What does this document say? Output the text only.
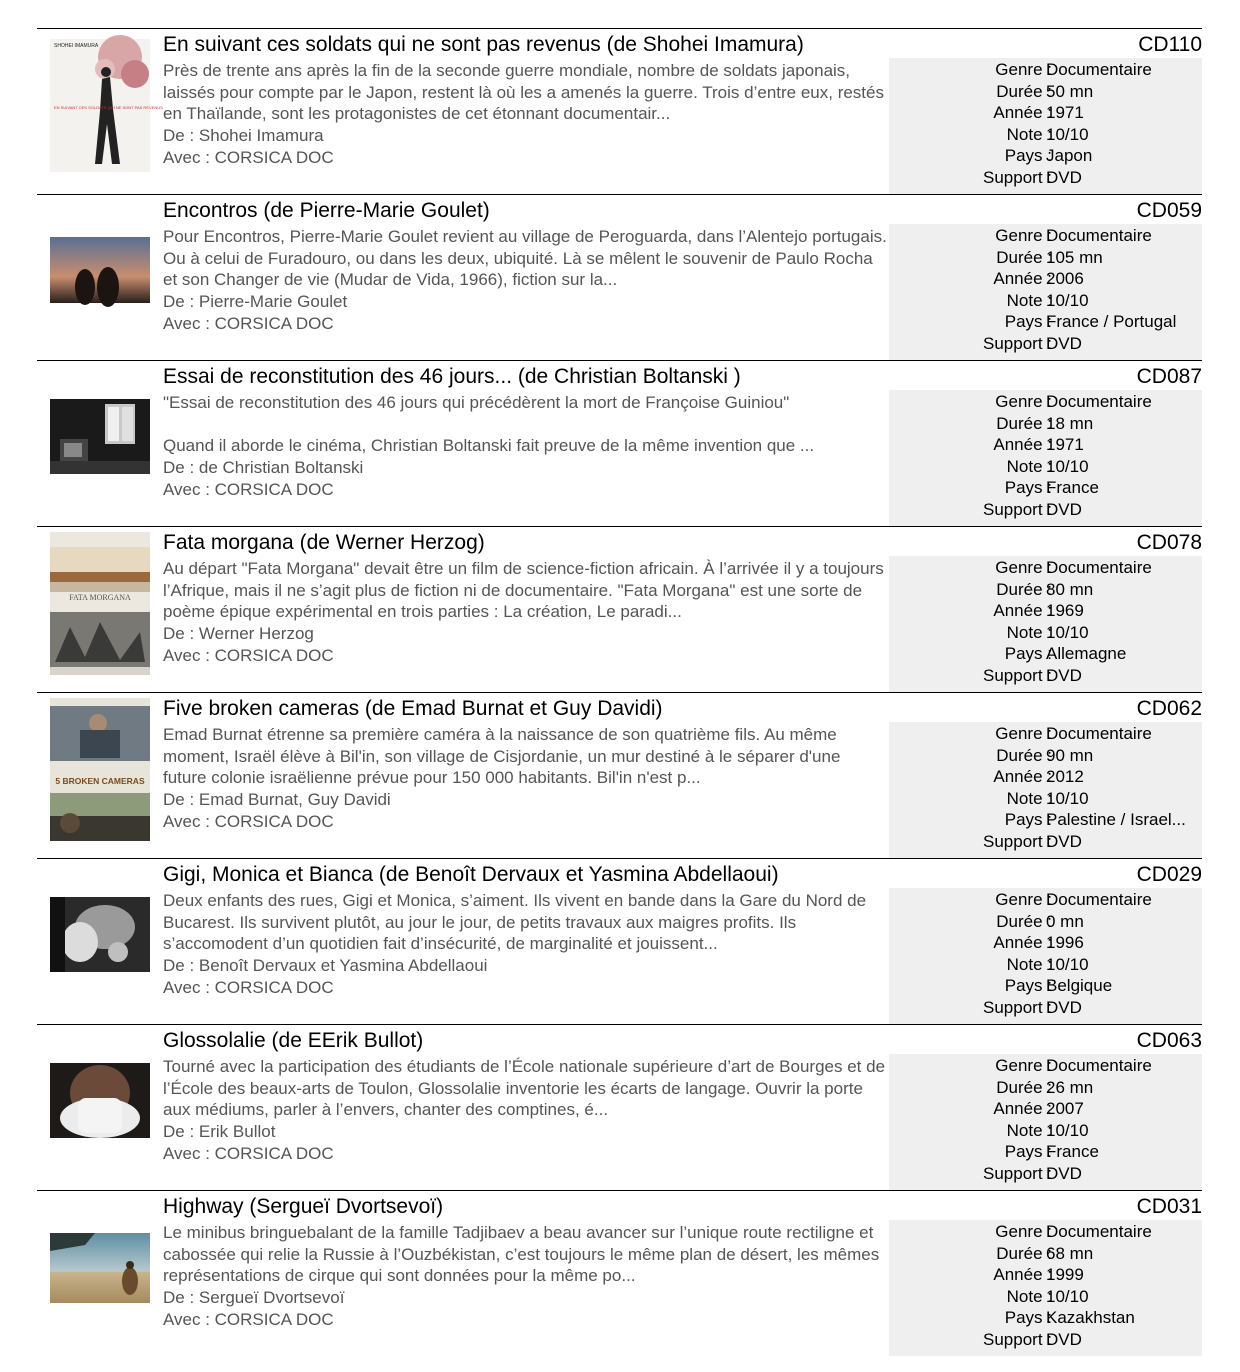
SHOHEI IMAMURA
EN SUIVANT CES SOLDATS QUI NE SONT PAS REVENUS
En suivant ces soldats qui ne sont pas revenus (de Shohei Imamura)	CD110
Près de trente ans après la fin de la seconde guerre mondiale, nombre de soldats japonais, laissés pour compte par le Japon, restent là où les a amenés la guerre. Trois d’entre eux, restés en Thaïlande, sont les protagonistes de cet étonnant documentair...
De : Shohei Imamura
Avec : CORSICA DOC
Genre :
Documentaire
Durée :
50 mn
Année :
1971
Note :
10/10
Pays :
Japon
Support :
DVD
Encontros (de Pierre-Marie Goulet)	CD059
Pour Encontros, Pierre-Marie Goulet revient au village de Peroguarda, dans l’Alentejo portugais. Ou à celui de Furadouro, ou dans les deux, ubiquité. Là se mêlent le souvenir de Paulo Rocha et son Changer de vie (Mudar de Vida, 1966), fiction sur la...
De : Pierre-Marie Goulet
Avec : CORSICA DOC
Genre :
Documentaire
Durée :
105 mn
Année :
2006
Note :
10/10
Pays :
France / Portugal
Support :
DVD
Essai de reconstitution des 46 jours... (de Christian Boltanski )	CD087
"Essai de reconstitution des 46 jours qui précédèrent la mort de Françoise Guiniou"

Quand il aborde le cinéma, Christian Boltanski fait preuve de la même invention que ...
De : de Christian Boltanski
Avec : CORSICA DOC
Genre :
Documentaire
Durée :
18 mn
Année :
1971
Note :
10/10
Pays :
France
Support :
DVD
FATA MORGANA
Fata morgana (de Werner Herzog)	CD078
Au départ "Fata Morgana" devait être un film de science-fiction africain. À l’arrivée il y a toujours l’Afrique, mais il ne s’agit plus de fiction ni de documentaire. "Fata Morgana" est une sorte de poème épique expérimental en trois parties : La création, Le paradi...
De : Werner Herzog
Avec : CORSICA DOC
Genre :
Documentaire
Durée :
80 mn
Année :
1969
Note :
10/10
Pays :
Allemagne
Support :
DVD
5 BROKEN CAMERAS
Five broken cameras (de Emad Burnat et Guy Davidi)	CD062
Emad Burnat étrenne sa première caméra à la naissance de son quatrième fils. Au même moment, Israël élève à Bil'in, son village de Cisjordanie, un mur destiné à le séparer d'une future colonie israëlienne prévue pour 150 000 habitants. Bil'in n'est p...
De : Emad Burnat, Guy Davidi
Avec : CORSICA DOC
Genre :
Documentaire
Durée :
90 mn
Année :
2012
Note :
10/10
Pays :
Palestine / Israel...
Support :
DVD
Gigi, Monica et Bianca (de Benoît Dervaux et Yasmina Abdellaoui)	CD029
Deux enfants des rues, Gigi et Monica, s’aiment. Ils vivent en bande dans la Gare du Nord de Bucarest. Ils survivent plutôt, au jour le jour, de petits travaux aux maigres profits. Ils s’accomodent d’un quotidien fait d’insécurité, de marginalité et jouissent...
De : Benoît Dervaux et Yasmina Abdellaoui
Avec : CORSICA DOC
Genre :
Documentaire
Durée :
0 mn
Année :
1996
Note :
10/10
Pays :
Belgique
Support :
DVD
Glossolalie (de EErik Bullot)	CD063
Tourné avec la participation des étudiants de l’École nationale supérieure d’art de Bourges et de l’École des beaux-arts de Toulon, Glossolalie inventorie les écarts de langage. Ouvrir la porte aux médiums, parler à l’envers, chanter des comptines, é...
De : Erik Bullot
Avec : CORSICA DOC
Genre :
Documentaire
Durée :
26 mn
Année :
2007
Note :
10/10
Pays :
France
Support :
DVD
Highway (Sergueï Dvortsevoï)	CD031
Le minibus bringuebalant de la famille Tadjibaev a beau avancer sur l’unique route rectiligne et cabossée qui relie la Russie à l’Ouzbékistan, c’est toujours le même plan de désert, les mêmes représentations de cirque qui sont données pour la même po...
De : Sergueï Dvortsevoï
Avec : CORSICA DOC
Genre :
Documentaire
Durée :
68 mn
Année :
1999
Note :
10/10
Pays :
Kazakhstan
Support :
DVD
